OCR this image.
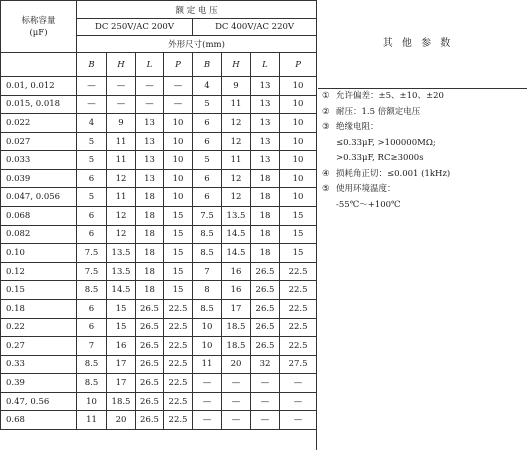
标称容量
(μF)	额 定 电 压							
	DC 250V/AC 200V				DC 400V/AC 220V			
	外形尺寸(mm)							
	B	H	L	P	B	H	L	P
0.01, 0.012	—	—	—	—	4	9	13	10
0.015, 0.018	—	—	—	—	5	11	13	10
0.022	4	9	13	10	6	12	13	10
0.027	5	11	13	10	6	12	13	10
0.033	5	11	13	10	5	11	13	10
0.039	6	12	13	10	6	12	18	10
0.047, 0.056	5	11	18	10	6	12	18	10
0.068	6	12	18	15	7.5	13.5	18	15
0.082	6	12	18	15	8.5	14.5	18	15
0.10	7.5	13.5	18	15	8.5	14.5	18	15
0.12	7.5	13.5	18	15	7	16	26.5	22.5
0.15	8.5	14.5	18	15	8	16	26.5	22.5
0.18	6	15	26.5	22.5	8.5	17	26.5	22.5
0.22	6	15	26.5	22.5	10	18.5	26.5	22.5
0.27	7	16	26.5	22.5	10	18.5	26.5	22.5
0.33	8.5	17	26.5	22.5	11	20	32	27.5
0.39	8.5	17	26.5	22.5	—	—	—	—
0.47, 0.56	10	18.5	26.5	22.5	—	—	—	—
0.68	11	20	26.5	22.5	—	—	—	—
其 他 参 数
① 允许偏差：±5、±10、±20
② 耐压：1.5 倍额定电压
③ 绝缘电阻：
≤0.33μF, >100000MΩ;
>0.33μF, RC≥3000s
④ 损耗角正切：≤0.001 (1kHz)
⑤ 使用环境温度：
-55℃～+100℃
